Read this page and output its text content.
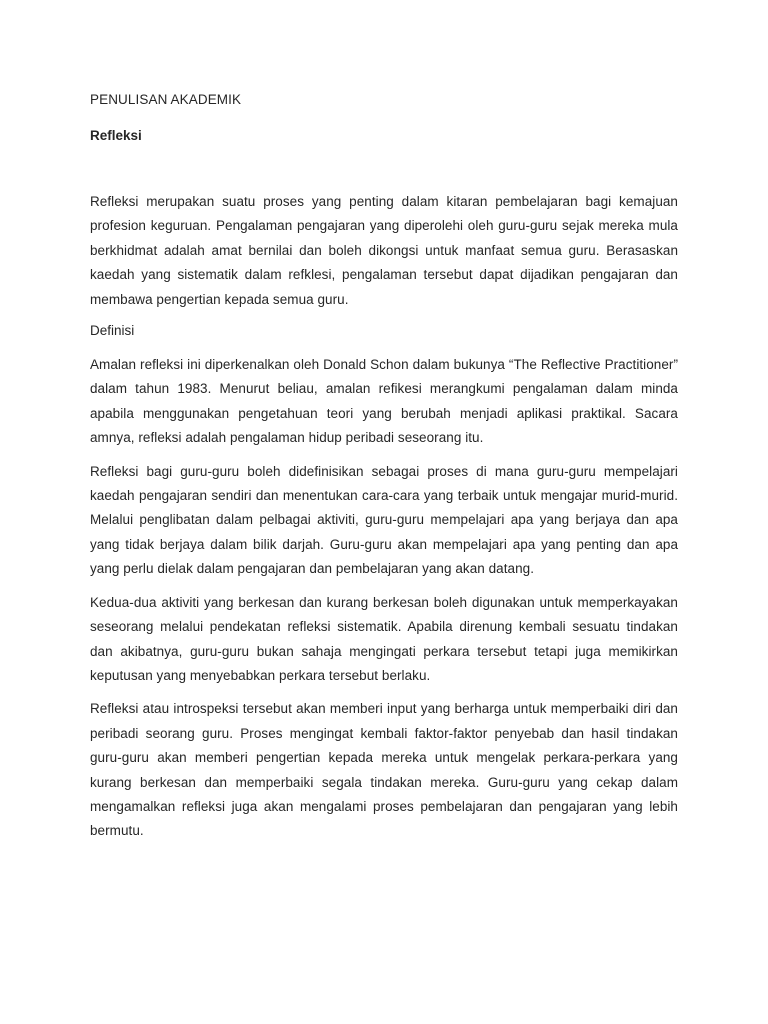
PENULISAN AKADEMIK
Refleksi

Refleksi merupakan suatu proses yang penting dalam kitaran pembelajaran bagi kemajuan profesion keguruan. Pengalaman pengajaran yang diperolehi oleh guru-guru sejak mereka mula berkhidmat adalah amat bernilai dan boleh dikongsi untuk manfaat semua guru. Berasaskan kaedah yang sistematik dalam refklesi, pengalaman tersebut dapat dijadikan pengajaran dan membawa pengertian kepada semua guru.

Definisi

Amalan refleksi ini diperkenalkan oleh Donald Schon dalam bukunya “The Reflective Practitioner” dalam tahun 1983. Menurut beliau, amalan refikesi merangkumi pengalaman dalam minda apabila menggunakan pengetahuan teori yang berubah menjadi aplikasi praktikal. Sacara amnya, refleksi adalah pengalaman hidup peribadi seseorang itu.

Refleksi bagi guru-guru boleh didefinisikan sebagai proses di mana guru-guru mempelajari kaedah pengajaran sendiri dan menentukan cara-cara yang terbaik untuk mengajar murid-murid. Melalui penglibatan dalam pelbagai aktiviti, guru-guru mempelajari apa yang berjaya dan apa yang tidak berjaya dalam bilik darjah. Guru-guru akan mempelajari apa yang penting dan apa yang perlu dielak dalam pengajaran dan pembelajaran yang akan datang.

Kedua-dua aktiviti yang berkesan dan kurang berkesan boleh digunakan untuk memperkayakan seseorang melalui pendekatan refleksi sistematik. Apabila direnung kembali sesuatu tindakan dan akibatnya, guru-guru bukan sahaja mengingati perkara tersebut tetapi juga memikirkan keputusan yang menyebabkan perkara tersebut berlaku.

Refleksi atau introspeksi tersebut akan memberi input yang berharga untuk memperbaiki diri dan peribadi seorang guru. Proses mengingat kembali faktor-faktor penyebab dan hasil tindakan guru-guru akan memberi pengertian kepada mereka untuk mengelak perkara-perkara yang kurang berkesan dan memperbaiki segala tindakan mereka. Guru-guru yang cekap dalam mengamalkan refleksi juga akan mengalami proses pembelajaran dan pengajaran yang lebih bermutu.
